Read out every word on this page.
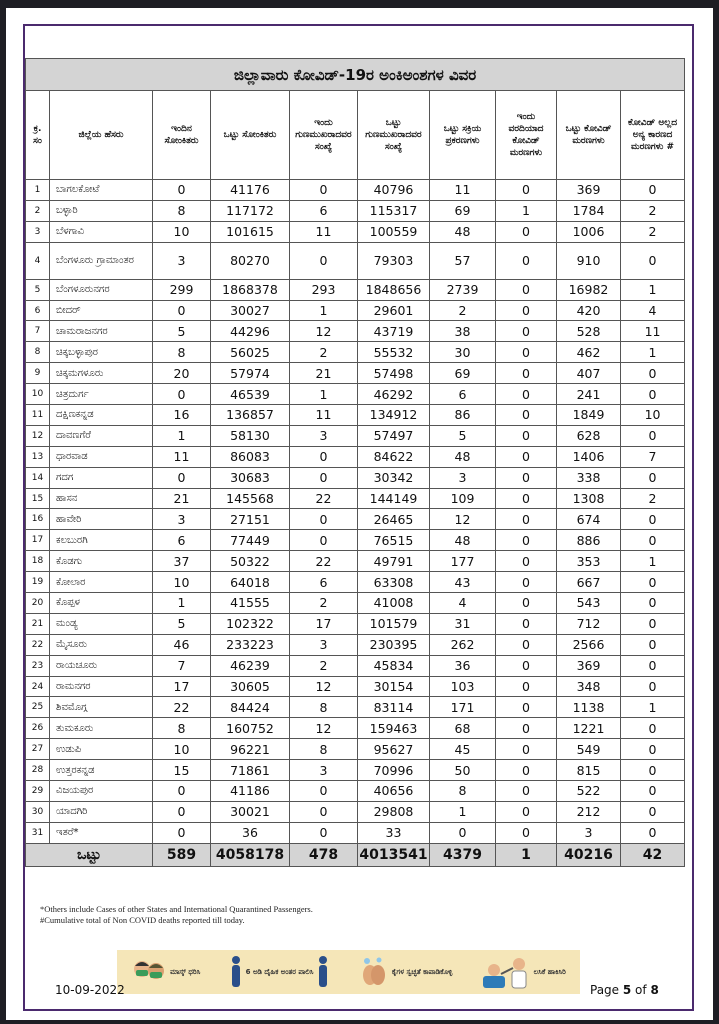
ಜಿಲ್ಲಾವಾರು ಕೋವಿಡ್-19ರ ಅಂಕಿಅಂಶಗಳ ವಿವರ									
ಕ್ರ. ಸಂ	ಜಿಲ್ಲೆಯ ಹೆಸರು	ಇಂದಿನ ಸೋಂಕಿತರು	ಒಟ್ಟು ಸೋಂಕಿತರು	ಇಂದು ಗುಣಮುಖರಾದವರ ಸಂಖ್ಯೆ	ಒಟ್ಟು ಗುಣಮುಖರಾದವರ ಸಂಖ್ಯೆ	ಒಟ್ಟು ಸಕ್ರಿಯ ಪ್ರಕರಣಗಳು	ಇಂದು ವರದಿಯಾದ ಕೋವಿಡ್ ಮರಣಗಳು	ಒಟ್ಟು ಕೋವಿಡ್ ಮರಣಗಳು	ಕೋವಿಡ್ ಅಲ್ಲದ ಅನ್ಯ ಕಾರಣದ ಮರಣಗಳು #
1	ಬಾಗಲಕೋಟೆ	0	41176	0	40796	11	0	369	0
2	ಬಳ್ಳಾರಿ	8	117172	6	115317	69	1	1784	2
3	ಬೆಳಗಾವಿ	10	101615	11	100559	48	0	1006	2
4	ಬೆಂಗಳೂರು ಗ್ರಾಮಾಂತರ	3	80270	0	79303	57	0	910	0
5	ಬೆಂಗಳೂರುನಗರ	299	1868378	293	1848656	2739	0	16982	1
6	ಬೀದರ್	0	30027	1	29601	2	0	420	4
7	ಚಾಮರಾಜನಗರ	5	44296	12	43719	38	0	528	11
8	ಚಿಕ್ಕಬಳ್ಳಾಪುರ	8	56025	2	55532	30	0	462	1
9	ಚಿಕ್ಕಮಗಳೂರು	20	57974	21	57498	69	0	407	0
10	ಚಿತ್ರದುರ್ಗ	0	46539	1	46292	6	0	241	0
11	ದಕ್ಷಿಣಕನ್ನಡ	16	136857	11	134912	86	0	1849	10
12	ದಾವಣಗೆರೆ	1	58130	3	57497	5	0	628	0
13	ಧಾರವಾಡ	11	86083	0	84622	48	0	1406	7
14	ಗದಗ	0	30683	0	30342	3	0	338	0
15	ಹಾಸನ	21	145568	22	144149	109	0	1308	2
16	ಹಾವೇರಿ	3	27151	0	26465	12	0	674	0
17	ಕಲಬುರಗಿ	6	77449	0	76515	48	0	886	0
18	ಕೊಡಗು	37	50322	22	49791	177	0	353	1
19	ಕೋಲಾರ	10	64018	6	63308	43	0	667	0
20	ಕೊಪ್ಪಳ	1	41555	2	41008	4	0	543	0
21	ಮಂಡ್ಯ	5	102322	17	101579	31	0	712	0
22	ಮೈಸೂರು	46	233223	3	230395	262	0	2566	0
23	ರಾಯಚೂರು	7	46239	2	45834	36	0	369	0
24	ರಾಮನಗರ	17	30605	12	30154	103	0	348	0
25	ಶಿವಮೊಗ್ಗ	22	84424	8	83114	171	0	1138	1
26	ತುಮಕೂರು	8	160752	12	159463	68	0	1221	0
27	ಉಡುಪಿ	10	96221	8	95627	45	0	549	0
28	ಉತ್ತರಕನ್ನಡ	15	71861	3	70996	50	0	815	0
29	ವಿಜಯಪುರ	0	41186	0	40656	8	0	522	0
30	ಯಾದಗಿರಿ	0	30021	0	29808	1	0	212	0
31	ಇತರೆ*	0	36	0	33	0	0	3	0
ಒಟ್ಟು		589	4058178	478	4013541	4379	1	40216	42
*Others include Cases of other States and International Quarantined Passengers.
#Cumulative total of Non COVID deaths reported till today.
ಮಾಸ್ಕ್ ಧರಿಸಿ	6 ಅಡಿ ದೈಹಿಕ ಅಂತರ ಪಾಲಿಸಿ	ಕೈಗಳ ಸ್ವಚ್ಛತೆ ಕಾಪಾಡಿಕೊಳ್ಳಿ	ಲಸಿಕೆ ಹಾಕಿಸಿರಿ
10-09-2022	Page 5 of 8
